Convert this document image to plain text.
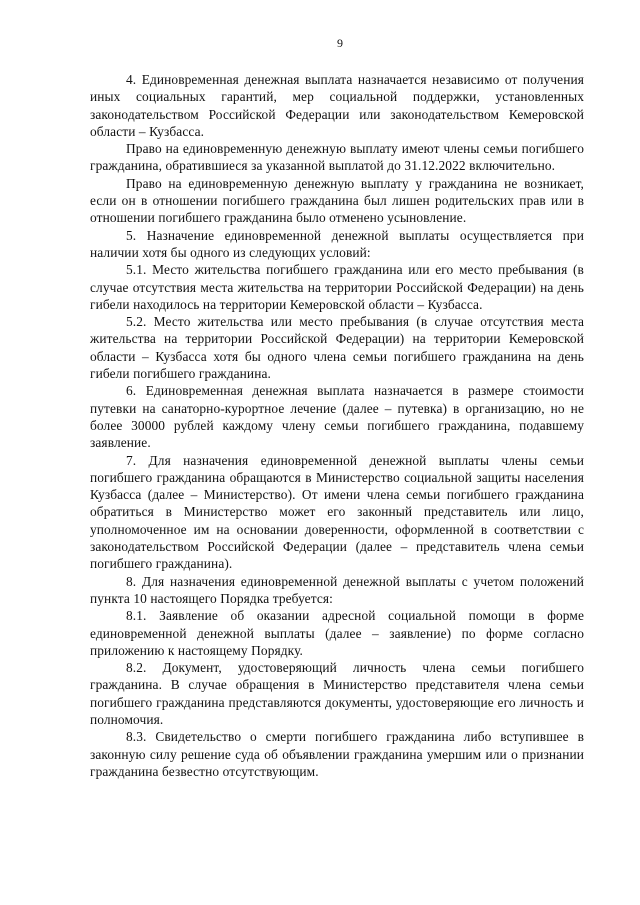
9

4. Единовременная денежная выплата назначается независимо от получения иных социальных гарантий, мер социальной поддержки, установленных законодательством Российской Федерации или законодательством Кемеровской области – Кузбасса.

Право на единовременную денежную выплату имеют члены семьи погибшего гражданина, обратившиеся за указанной выплатой до 31.12.2022 включительно.

Право на единовременную денежную выплату у гражданина не возникает, если он в отношении погибшего гражданина был лишен родительских прав или в отношении погибшего гражданина было отменено усыновление.

5. Назначение единовременной денежной выплаты осуществляется при наличии хотя бы одного из следующих условий:

5.1. Место жительства погибшего гражданина или его место пребывания (в случае отсутствия места жительства на территории Российской Федерации) на день гибели находилось на территории Кемеровской области – Кузбасса.

5.2. Место жительства или место пребывания (в случае отсутствия места жительства на территории Российской Федерации) на территории Кемеровской области – Кузбасса хотя бы одного члена семьи погибшего гражданина на день гибели погибшего гражданина.

6. Единовременная денежная выплата назначается в размере стоимости путевки на санаторно-курортное лечение (далее – путевка) в организацию, но не более 30000 рублей каждому члену семьи погибшего гражданина, подавшему заявление.

7. Для назначения единовременной денежной выплаты члены семьи погибшего гражданина обращаются в Министерство социальной защиты населения Кузбасса (далее – Министерство). От имени члена семьи погибшего гражданина обратиться в Министерство может его законный представитель или лицо, уполномоченное им на основании доверенности, оформленной в соответствии с законодательством Российской Федерации (далее – представитель члена семьи погибшего гражданина).

8. Для назначения единовременной денежной выплаты с учетом положений пункта 10 настоящего Порядка требуется:

8.1. Заявление об оказании адресной социальной помощи в форме единовременной денежной выплаты (далее – заявление) по форме согласно приложению к настоящему Порядку.

8.2. Документ, удостоверяющий личность члена семьи погибшего гражданина. В случае обращения в Министерство представителя члена семьи погибшего гражданина представляются документы, удостоверяющие его личность и полномочия.

8.3. Свидетельство о смерти погибшего гражданина либо вступившее в законную силу решение суда об объявлении гражданина умершим или о признании гражданина безвестно отсутствующим.
